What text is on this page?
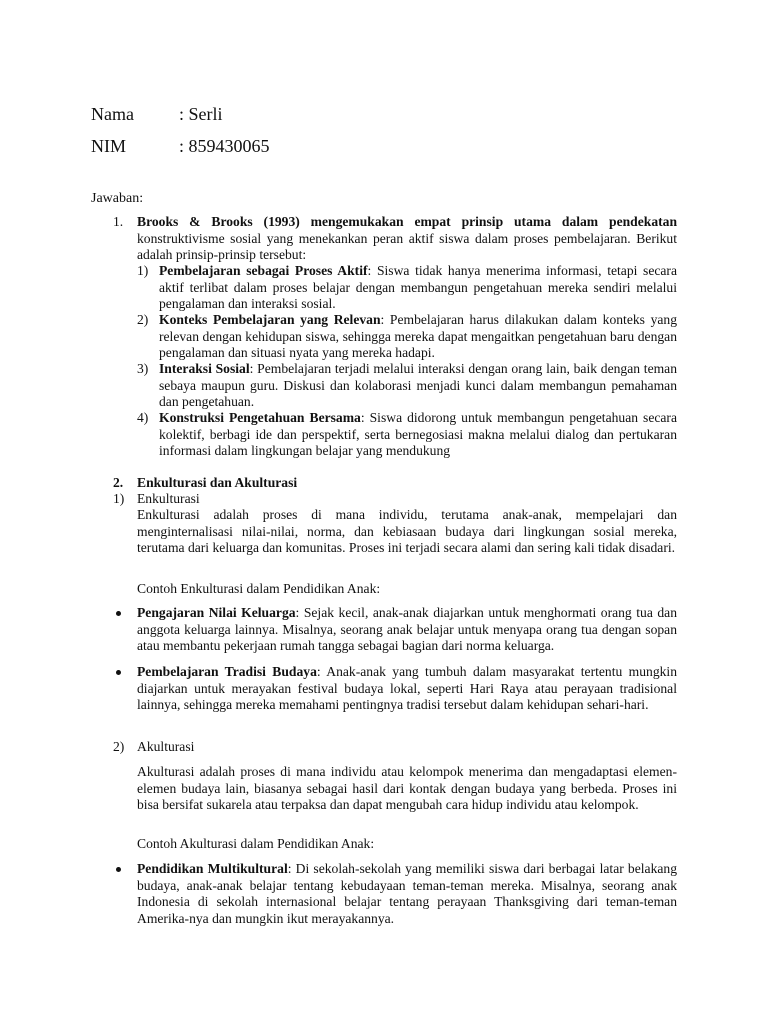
Nama	: Serli
NIM	: 859430065
Jawaban:
1. Brooks & Brooks (1993) mengemukakan empat prinsip utama dalam pendekatan konstruktivisme sosial yang menekankan peran aktif siswa dalam proses pembelajaran. Berikut adalah prinsip-prinsip tersebut:
1) Pembelajaran sebagai Proses Aktif: Siswa tidak hanya menerima informasi, tetapi secara aktif terlibat dalam proses belajar dengan membangun pengetahuan mereka sendiri melalui pengalaman dan interaksi sosial.
2) Konteks Pembelajaran yang Relevan: Pembelajaran harus dilakukan dalam konteks yang relevan dengan kehidupan siswa, sehingga mereka dapat mengaitkan pengetahuan baru dengan pengalaman dan situasi nyata yang mereka hadapi.
3) Interaksi Sosial: Pembelajaran terjadi melalui interaksi dengan orang lain, baik dengan teman sebaya maupun guru. Diskusi dan kolaborasi menjadi kunci dalam membangun pemahaman dan pengetahuan.
4) Konstruksi Pengetahuan Bersama: Siswa didorong untuk membangun pengetahuan secara kolektif, berbagi ide dan perspektif, serta bernegosiasi makna melalui dialog dan pertukaran informasi dalam lingkungan belajar yang mendukung
2. Enkulturasi dan Akulturasi
1) Enkulturasi
Enkulturasi adalah proses di mana individu, terutama anak-anak, mempelajari dan menginternalisasi nilai-nilai, norma, dan kebiasaan budaya dari lingkungan sosial mereka, terutama dari keluarga dan komunitas. Proses ini terjadi secara alami dan sering kali tidak disadari.
Contoh Enkulturasi dalam Pendidikan Anak:
Pengajaran Nilai Keluarga: Sejak kecil, anak-anak diajarkan untuk menghormati orang tua dan anggota keluarga lainnya. Misalnya, seorang anak belajar untuk menyapa orang tua dengan sopan atau membantu pekerjaan rumah tangga sebagai bagian dari norma keluarga.
Pembelajaran Tradisi Budaya: Anak-anak yang tumbuh dalam masyarakat tertentu mungkin diajarkan untuk merayakan festival budaya lokal, seperti Hari Raya atau perayaan tradisional lainnya, sehingga mereka memahami pentingnya tradisi tersebut dalam kehidupan sehari-hari.
2) Akulturasi
Akulturasi adalah proses di mana individu atau kelompok menerima dan mengadaptasi elemen-elemen budaya lain, biasanya sebagai hasil dari kontak dengan budaya yang berbeda. Proses ini bisa bersifat sukarela atau terpaksa dan dapat mengubah cara hidup individu atau kelompok.
Contoh Akulturasi dalam Pendidikan Anak:
Pendidikan Multikultural: Di sekolah-sekolah yang memiliki siswa dari berbagai latar belakang budaya, anak-anak belajar tentang kebudayaan teman-teman mereka. Misalnya, seorang anak Indonesia di sekolah internasional belajar tentang perayaan Thanksgiving dari teman-teman Amerika-nya dan mungkin ikut merayakannya.
